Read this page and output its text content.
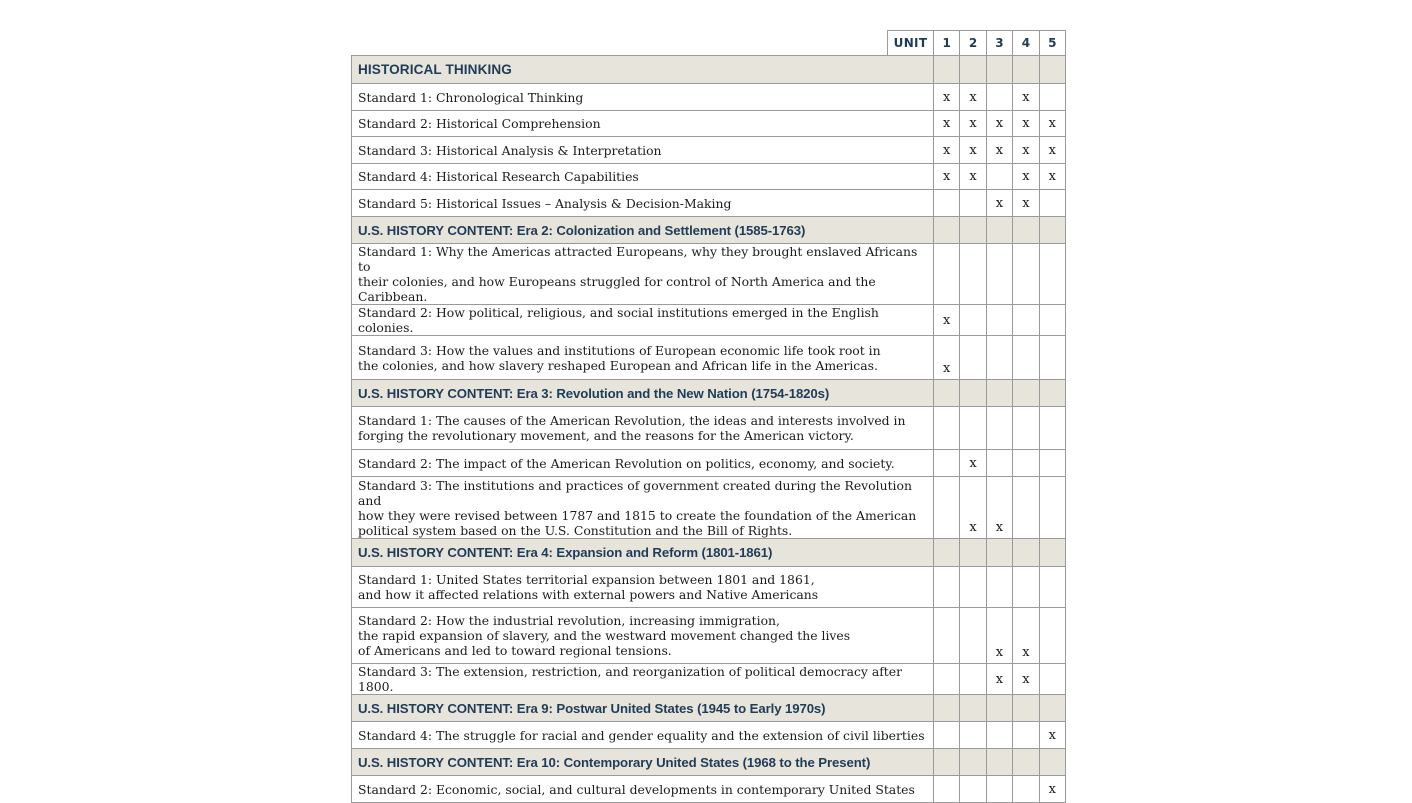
	UNIT	1	2	3	4	5
HISTORICAL THINKING						

Standard 1: Chronological Thinking		x	x		x	

Standard 2: Historical Comprehension		x	x	x	x	x

Standard 3: Historical Analysis & Interpretation		x	x	x	x	x

Standard 4: Historical Research Capabilities		x	x		x	x

Standard 5: Historical Issues – Analysis & Decision-Making				x	x	
U.S. HISTORY CONTENT: Era 2: Colonization and Settlement (1585-1763)						

Standard 1: Why the Americas attracted Europeans, why they brought enslaved Africans to
their colonies, and how Europeans struggled for control of North America and the Caribbean.						

Standard 2: How political, religious, and social institutions emerged in the English colonies.		x				

Standard 3: How the values and institutions of European economic life took root in
the colonies, and how slavery reshaped European and African life in the Americas.		x				
U.S. HISTORY CONTENT: Era 3: Revolution and the New Nation (1754-1820s)						

Standard 1: The causes of the American Revolution, the ideas and interests involved in
forging the revolutionary movement, and the reasons for the American victory.						

Standard 2: The impact of the American Revolution on politics, economy, and society.			x			

Standard 3: The institutions and practices of government created during the Revolution and
how they were revised between 1787 and 1815 to create the foundation of the American
political system based on the U.S. Constitution and the Bill of Rights.			x	x		
U.S. HISTORY CONTENT: Era 4: Expansion and Reform (1801-1861)						

Standard 1: United States territorial expansion between 1801 and 1861,
and how it affected relations with external powers and Native Americans						

Standard 2: How the industrial revolution, increasing immigration,
the rapid expansion of slavery, and the westward movement changed the lives
of Americans and led to toward regional tensions.				x	x	

Standard 3: The extension, restriction, and reorganization of political democracy after 1800.				x	x	
U.S. HISTORY CONTENT: Era 9: Postwar United States (1945 to Early 1970s)						

Standard 4: The struggle for racial and gender equality and the extension of civil liberties						x
U.S. HISTORY CONTENT: Era 10: Contemporary United States (1968 to the Present)						

Standard 2: Economic, social, and cultural developments in contemporary United States						x
